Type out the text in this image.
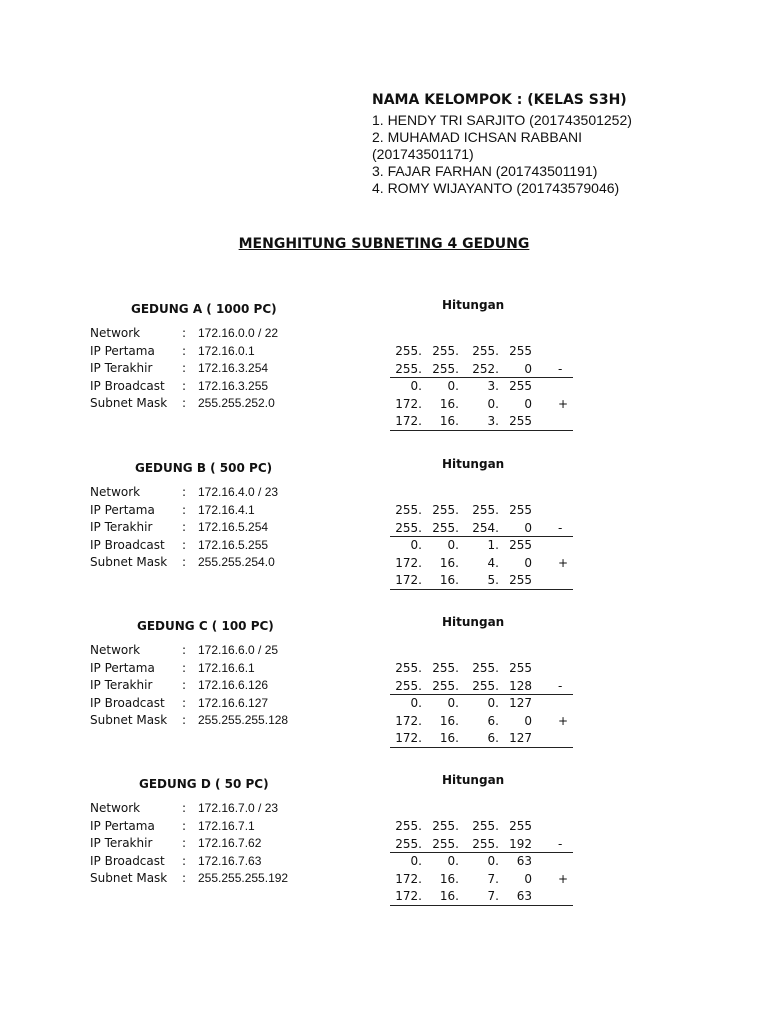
NAMA KELOMPOK : (KELAS S3H)
1. HENDY TRI SARJITO (201743501252)
2. MUHAMAD ICHSAN RABBANI
(201743501171)
3. FAJAR FARHAN (201743501191)
4. ROMY WIJAYANTO (201743579046)
MENGHITUNG SUBNETING 4 GEDUNG
GEDUNG A ( 1000 PC)	Hitungan
Network	: 172.16.0.0 / 22
IP Pertama : 172.16.0.1
IP Terakhir : 172.16.3.254
IP Broadcast : 172.16.3.255
Subnet Mask : 255.255.252.0
255. 255.	255. 255
255. 255.	252.	0 -
0.	0.	3. 255
172.	16.	0.	0 +
172.	16.	3. 255
GEDUNG B ( 500 PC)	Hitungan
Network	: 172.16.4.0 / 23
IP Pertama : 172.16.4.1
IP Terakhir : 172.16.5.254
IP Broadcast : 172.16.5.255
Subnet Mask : 255.255.254.0
255. 255.	255. 255
255. 255.	254.	0 -
0.	0.	1. 255
172.	16.	4.	0 +
172.	16.	5. 255
GEDUNG C ( 100 PC)	Hitungan
Network	: 172.16.6.0 / 25
IP Pertama : 172.16.6.1
IP Terakhir : 172.16.6.126
IP Broadcast : 172.16.6.127
Subnet Mask : 255.255.255.128
255. 255.	255. 255
255. 255.	255. 128 -
0.	0.	0. 127
172.	16.	6.	0 +
172.	16.	6. 127
GEDUNG D ( 50 PC)	Hitungan
Network	: 172.16.7.0 / 23
IP Pertama : 172.16.7.1
IP Terakhir : 172.16.7.62
IP Broadcast : 172.16.7.63
Subnet Mask : 255.255.255.192
255. 255.	255. 255
255. 255.	255. 192 -
0.	0.	0.	63
172.	16.	7.	0 +
172.	16.	7.	63
